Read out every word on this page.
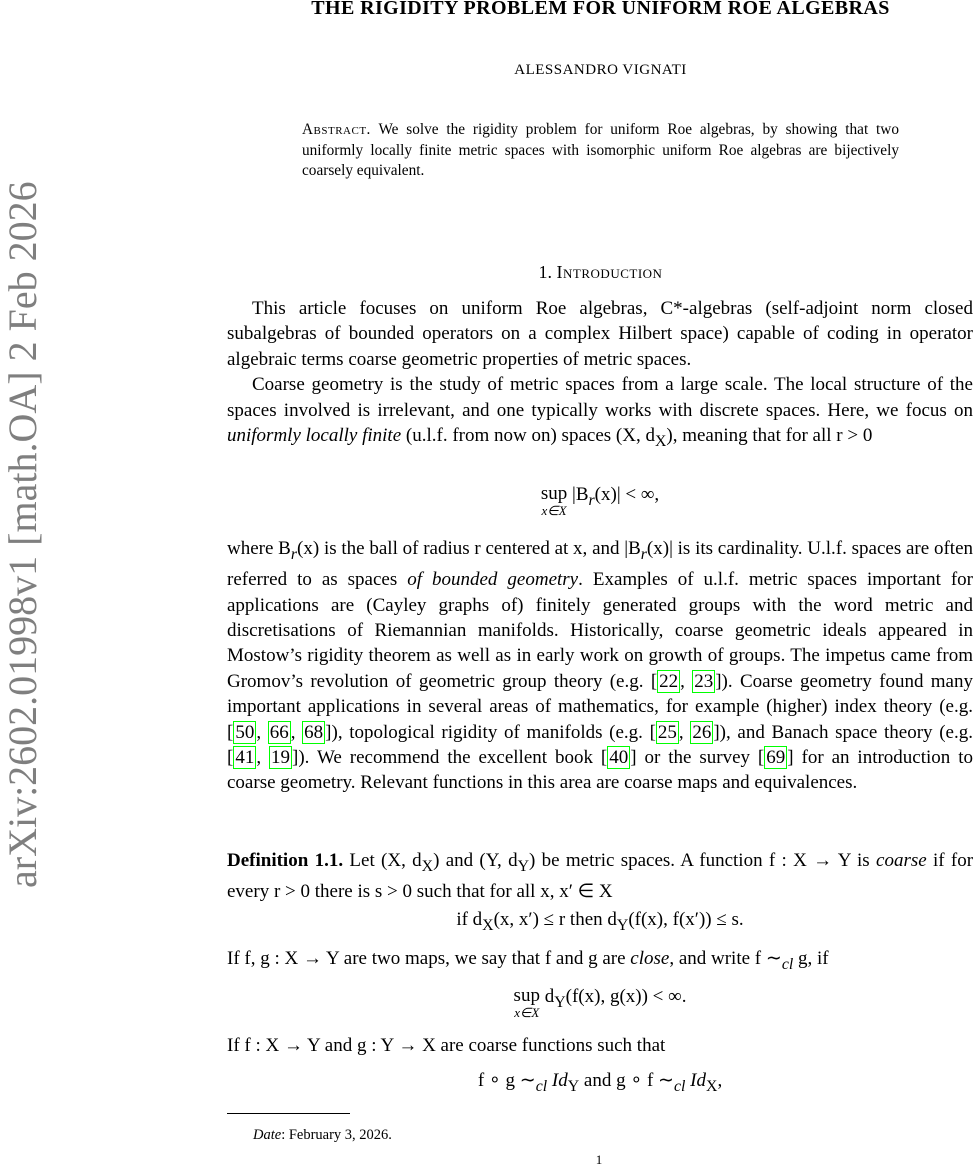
arXiv:2602.01998v1 [math.OA] 2 Feb 2026
THE RIGIDITY PROBLEM FOR UNIFORM ROE ALGEBRAS
ALESSANDRO VIGNATI
Abstract. We solve the rigidity problem for uniform Roe algebras, by showing that two uniformly locally finite metric spaces with isomorphic uniform Roe algebras are bijectively coarsely equivalent.
1. Introduction

This article focuses on uniform Roe algebras, C*-algebras (self-adjoint norm closed subalgebras of bounded operators on a complex Hilbert space) capable of coding in operator algebraic terms coarse geometric properties of metric spaces.

Coarse geometry is the study of metric spaces from a large scale. The local structure of the spaces involved is irrelevant, and one typically works with discrete spaces. Here, we focus on uniformly locally finite (u.l.f. from now on) spaces (X, $d_X$), meaning that for all r > 0

sup
x∈X
$|B_r(x)|$ < ∞,

where $B_r(x)$ is the ball of radius r centered at x, and $|B_r(x)|$ is its cardinality. U.l.f. spaces are often referred to as spaces of bounded geometry. Examples of u.l.f. metric spaces important for applications are (Cayley graphs of) finitely generated groups with the word metric and discretisations of Riemannian manifolds. Historically, coarse geometric ideals appeared in Mostow’s rigidity theorem as well as in early work on growth of groups. The impetus came from Gromov’s revolution of geometric group theory (e.g. [ 22 , 23 ]). Coarse geometry found many important applications in several areas of mathematics, for example (higher) index theory (e.g. [ 50 , 66 , 68 ]), topological rigidity of manifolds (e.g. [ 25 , 26 ]), and Banach space theory (e.g. [ 41 , 19 ]). We recommend the excellent book [ 40 ] or the survey [ 69 ] for an introduction to coarse geometry. Relevant functions in this area are coarse maps and equivalences.

Definition 1.1. Let (X, $d_X$) and (Y, $d_Y$) be metric spaces. A function f : X → Y is coarse if for every r > 0 there is s > 0 such that for all x, x′ ∈ X

if $d_X(x$, x′) ≤ r then $d_Y(f(x)$, f(x′)) ≤ s.

If f, g : X → Y are two maps, we say that f and g are close, and write f $\sim_{cl}$ g, if

sup
x∈X
$d_Y(f(x)$, g(x)) < ∞.

If f : X → Y and g : Y → X are coarse functions such that

f ∘ g $\sim_{cl}$ $Id_Y$ and g ∘ f $\sim_{cl}$ $Id_X$,
Date: February 3, 2026.
1
